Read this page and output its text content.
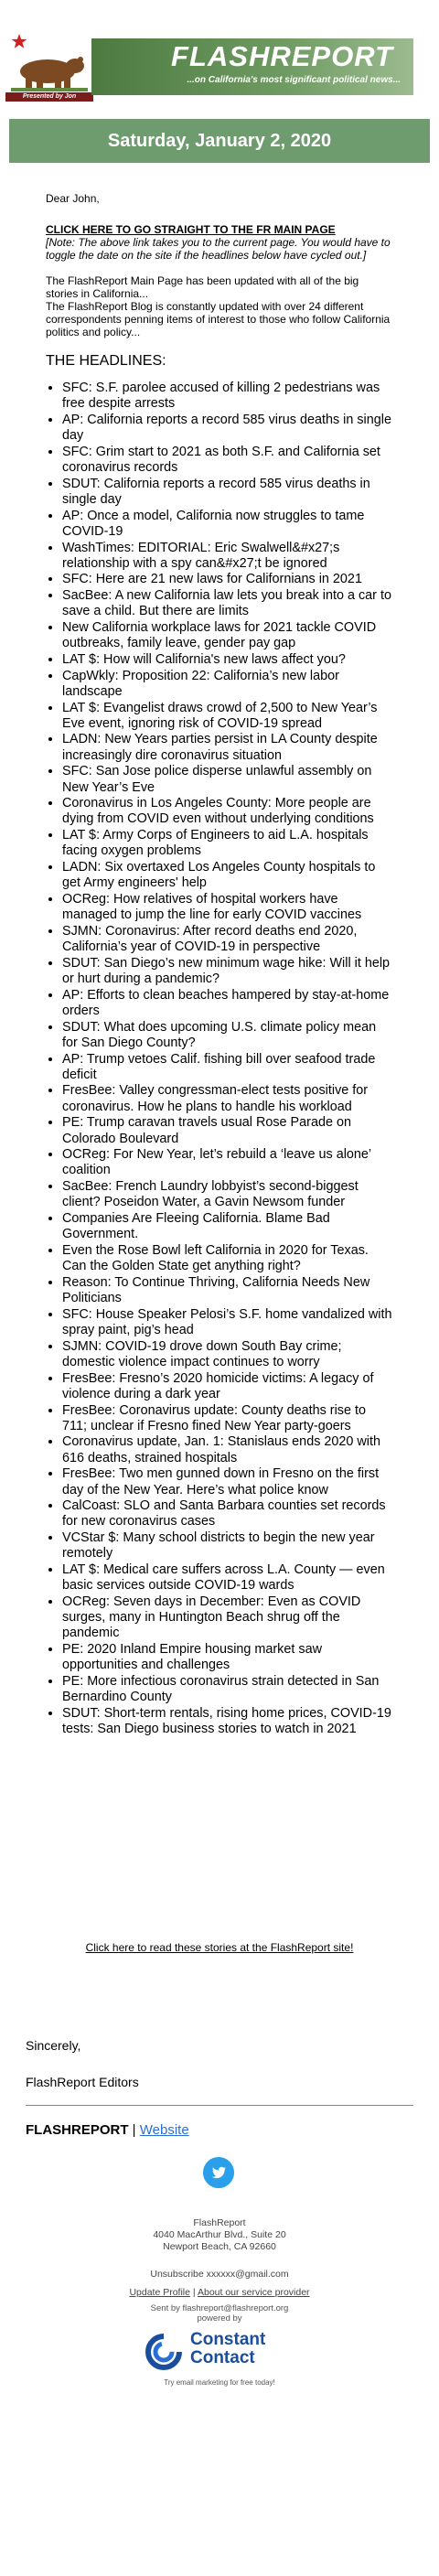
Presented by Jon Fleischman
FLASHREPORT
...on California's most significant political news...
Saturday, January 2, 2020

Dear John,

CLICK HERE TO GO STRAIGHT TO THE FR MAIN PAGE

[Note: The above link takes you to the current page. You would have to toggle the date on the site if the headlines below have cycled out.]

The FlashReport Main Page has been updated with all of the big stories in California...

The FlashReport Blog is constantly updated with over 24 different correspondents penning items of interest to those who follow California politics and policy...

THE HEADLINES:
• SFC: S.F. parolee accused of killing 2 pedestrians was free despite arrests
• AP: California reports a record 585 virus deaths in single day
• SFC: Grim start to 2021 as both S.F. and California set coronavirus records
• SDUT: California reports a record 585 virus deaths in single day
• AP: Once a model, California now struggles to tame COVID-19
• WashTimes: EDITORIAL: Eric Swalwell&#x27;s relationship with a spy can&#x27;t be ignored
• SFC: Here are 21 new laws for Californians in 2021
• SacBee: A new California law lets you break into a car to save a child. But there are limits
• New California workplace laws for 2021 tackle COVID outbreaks, family leave, gender pay gap
• LAT $: How will California's new laws affect you?
• CapWkly: Proposition 22: California’s new labor landscape
• LAT $: Evangelist draws crowd of 2,500 to New Year’s Eve event, ignoring risk of COVID-19 spread
• LADN: New Years parties persist in LA County despite increasingly dire coronavirus situation
• SFC: San Jose police disperse unlawful assembly on New Year’s Eve
• Coronavirus in Los Angeles County: More people are dying from COVID even without underlying conditions
• LAT $: Army Corps of Engineers to aid L.A. hospitals facing oxygen problems
• LADN: Six overtaxed Los Angeles County hospitals to get Army engineers' help
• OCReg: How relatives of hospital workers have managed to jump the line for early COVID vaccines
• SJMN: Coronavirus: After record deaths end 2020, California’s year of COVID-19 in perspective
• SDUT: San Diego’s new minimum wage hike: Will it help or hurt during a pandemic?
• AP: Efforts to clean beaches hampered by stay-at-home orders
• SDUT: What does upcoming U.S. climate policy mean for San Diego County?
• AP: Trump vetoes Calif. fishing bill over seafood trade deficit
• FresBee: Valley congressman-elect tests positive for coronavirus. How he plans to handle his workload
• PE: Trump caravan travels usual Rose Parade on Colorado Boulevard
• OCReg: For New Year, let’s rebuild a ‘leave us alone’ coalition
• SacBee: French Laundry lobbyist’s second-biggest client? Poseidon Water, a Gavin Newsom funder
• Companies Are Fleeing California. Blame Bad Government.
• Even the Rose Bowl left California in 2020 for Texas. Can the Golden State get anything right?
• Reason: To Continue Thriving, California Needs New Politicians
• SFC: House Speaker Pelosi’s S.F. home vandalized with spray paint, pig’s head
• SJMN: COVID-19 drove down South Bay crime; domestic violence impact continues to worry
• FresBee: Fresno’s 2020 homicide victims: A legacy of violence during a dark year
• FresBee: Coronavirus update: County deaths rise to 711; unclear if Fresno fined New Year party-goers
• Coronavirus update, Jan. 1: Stanislaus ends 2020 with 616 deaths, strained hospitals
• FresBee: Two men gunned down in Fresno on the first day of the New Year. Here’s what police know
• CalCoast: SLO and Santa Barbara counties set records for new coronavirus cases
• VCStar $: Many school districts to begin the new year remotely
• LAT $: Medical care suffers across L.A. County — even basic services outside COVID-19 wards
• OCReg: Seven days in December: Even as COVID surges, many in Huntington Beach shrug off the pandemic
• PE: 2020 Inland Empire housing market saw opportunities and challenges
• PE: More infectious coronavirus strain detected in San Bernardino County
• SDUT: Short-term rentals, rising home prices, COVID-19 tests: San Diego business stories to watch in 2021
Click here to read these stories at the FlashReport site!
Sincerely,
FlashReport Editors
FLASHREPORT | Website
FlashReport
4040 MacArthur Blvd., Suite 20
Newport Beach, CA 92660
Unsubscribe xxxxxx@gmail.com
Update Profile | About our service provider
Sent by flashreport@flashreport.org
powered by
Constant
Contact
Try email marketing for free today!
